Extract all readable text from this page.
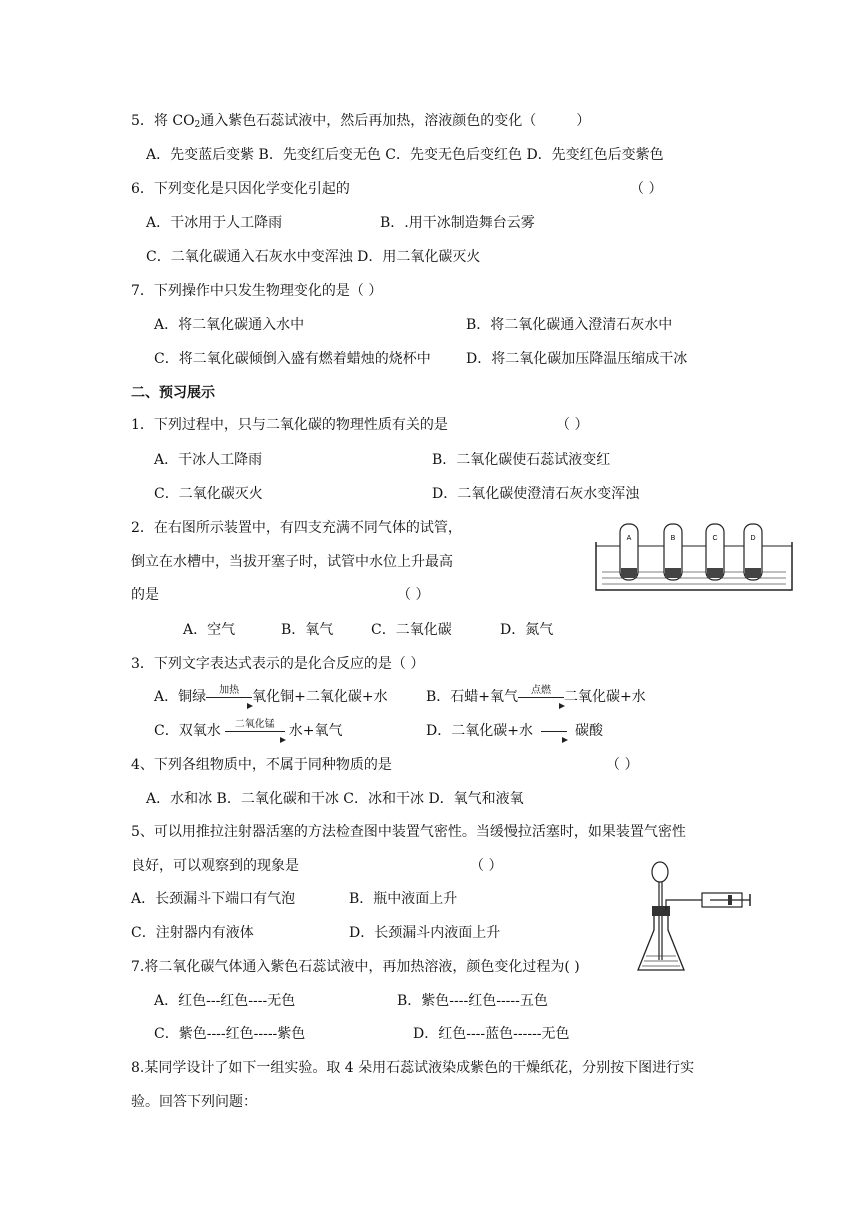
5．将 $CO_2$通入紫色石蕊试液中，然后再加热，溶液颜色的变化（	）
A．先变蓝后变紫 B．先变红后变无色 C．先变无色后变红色 D．先变红色后变紫色
6．下列变化是只因化学变化引起的	（ ）
A．干冰用于人工降雨	B．.用干冰制造舞台云雾
C．二氧化碳通入石灰水中变浑浊 D．用二氧化碳灭火
7．下列操作中只发生物理变化的是（ ）
A．将二氧化碳通入水中	B．将二氧化碳通入澄清石灰水中
C．将二氧化碳倾倒入盛有燃着蜡烛的烧杯中	D．将二氧化碳加压降温压缩成干冰
二、预习展示
1．下列过程中，只与二氧化碳的物理性质有关的是	（ ）
A．干冰人工降雨	B．二氧化碳使石蕊试液变红
C．二氧化碳灭火	D．二氧化碳使澄清石灰水变浑浊
2．在右图所示装置中，有四支充满不同气体的试管，
倒立在水槽中，当拔开塞子时，试管中水位上升最高
的是	（ ）
A．空气	B．氧气	C．二氧化碳	D．氮气
A	B	C	D
3．下列文字表达式表示的是化合反应的是（ ）
A．铜绿	加热 氧化铜+二氧化碳+水	B．石蜡+氧气	点燃 二氧化碳+水
C．双氧水	二氧化锰	水+氧气	D．二氧化碳+水	碳酸
4、下列各组物质中，不属于同种物质的是	（ ）
A．水和冰 B．二氧化碳和干冰 C．冰和干冰 D．氧气和液氧
5、可以用推拉注射器活塞的方法检查图中装置气密性。当缓慢拉活塞时，如果装置气密性
良好，可以观察到的现象是	（ ）
A．长颈漏斗下端口有气泡	B．瓶中液面上升
C．注射器内有液体	D．长颈漏斗内液面上升
7.将二氧化碳气体通入紫色石蕊试液中，再加热溶液，颜色变化过程为( )
A．红色---红色----无色	B．紫色----红色-----五色
C．紫色----红色-----紫色	D．红色----蓝色------无色
8.某同学设计了如下一组实验。取 4 朵用石蕊试液染成紫色的干燥纸花，分别按下图进行实
验。回答下列问题：
